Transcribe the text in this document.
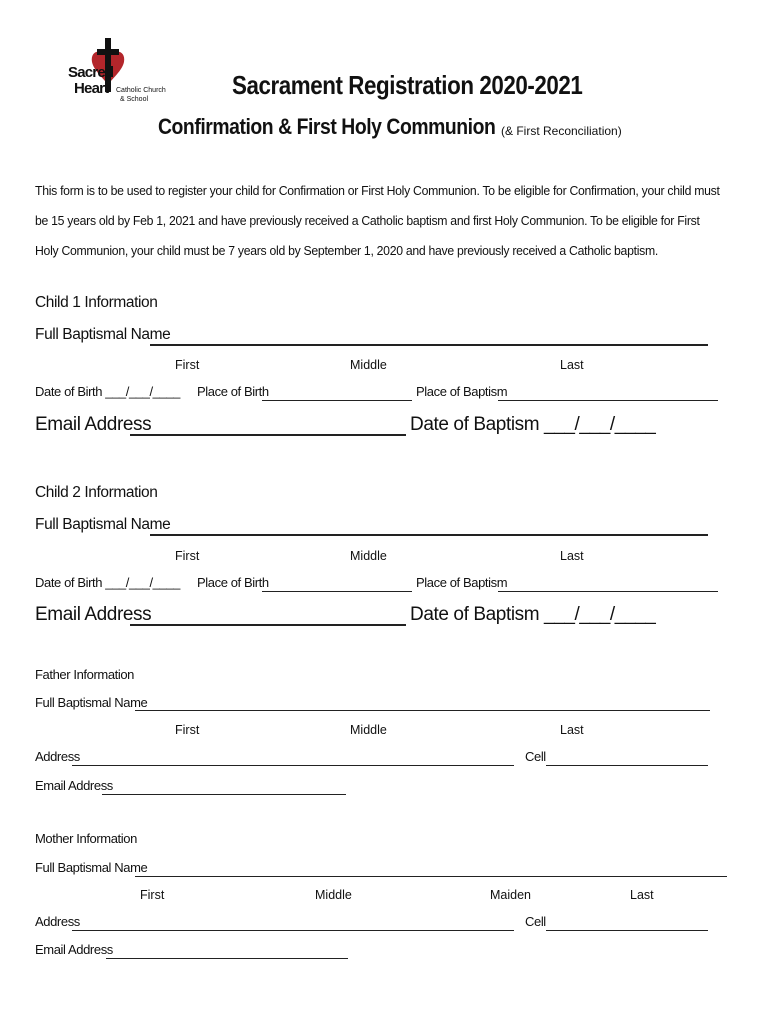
Sacred
Heart Catholic Church
& School	Sacrament Registration 2020-2021
Confirmation & First Holy Communion (& First Reconciliation)
This form is to be used to register your child for Confirmation or First Holy Communion. To be eligible for Confirmation, your child must be 15 years old by Feb 1, 2021 and have previously received a Catholic baptism and first Holy Communion. To be eligible for First Holy Communion, your child must be 7 years old by September 1, 2020 and have previously received a Catholic baptism.
Child 1 Information
Full Baptismal Name
First	Middle	Last
Date of Birth ___/___/____ Place of Birth	Place of Baptism
Email Address	Date of Baptism ___/___/____
Child 2 Information
Full Baptismal Name
First	Middle	Last
Date of Birth ___/___/____ Place of Birth	Place of Baptism
Email Address	Date of Baptism ___/___/____
Father Information
Full Baptismal Name
First	Middle	Last
Address	Cell
Email Address
Mother Information
Full Baptismal Name
First	Middle	Maiden	Last
Address	Cell
Email Address
